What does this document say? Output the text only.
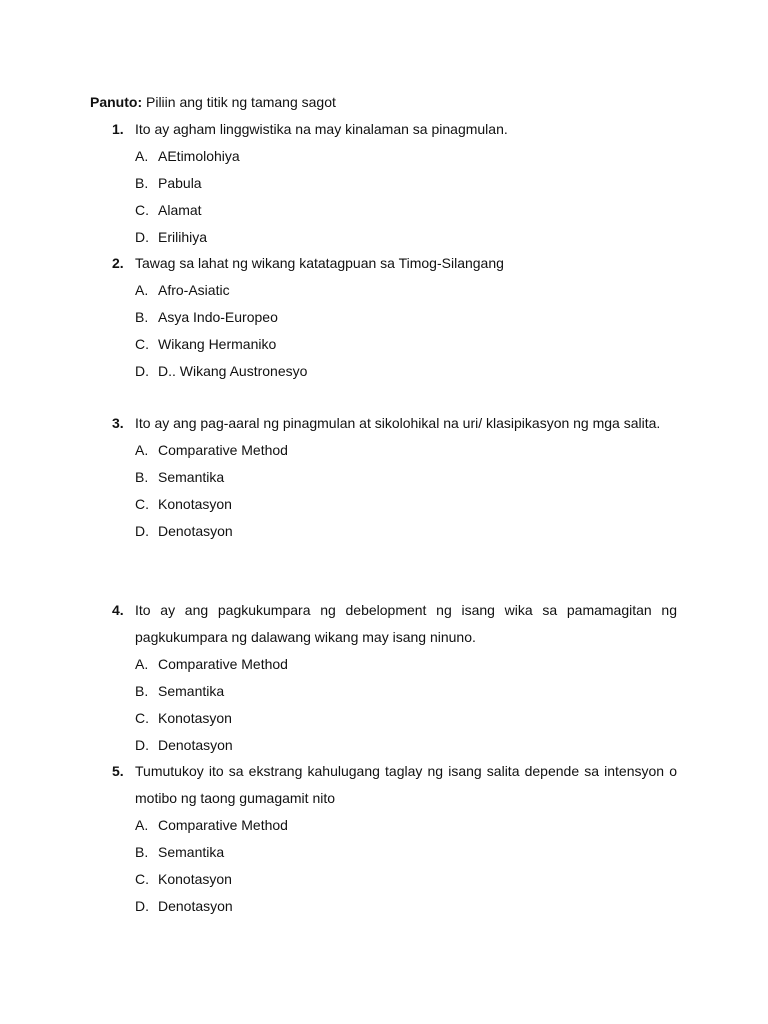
Panuto: Piliin ang titik ng tamang sagot
1. Ito ay agham linggwistika na may kinalaman sa pinagmulan.
A. AEtimolohiya
B. Pabula
C. Alamat
D. Erilihiya
2. Tawag sa lahat ng wikang katatagpuan sa Timog-Silangang
A. Afro-Asiatic
B. Asya Indo-Europeo
C. Wikang Hermaniko
D. D.. Wikang Austronesyo
3. Ito ay ang pag-aaral ng pinagmulan at sikolohikal na uri/ klasipikasyon ng mga salita.
A. Comparative Method
B. Semantika
C. Konotasyon
D. Denotasyon
4. Ito ay ang pagkukumpara ng debelopment ng isang wika sa pamamagitan ng pagkukumpara ng dalawang wikang may isang ninuno.
A. Comparative Method
B. Semantika
C. Konotasyon
D. Denotasyon
5. Tumutukoy ito sa ekstrang kahulugang taglay ng isang salita depende sa intensyon o motibo ng taong gumagamit nito
A. Comparative Method
B. Semantika
C. Konotasyon
D. Denotasyon
